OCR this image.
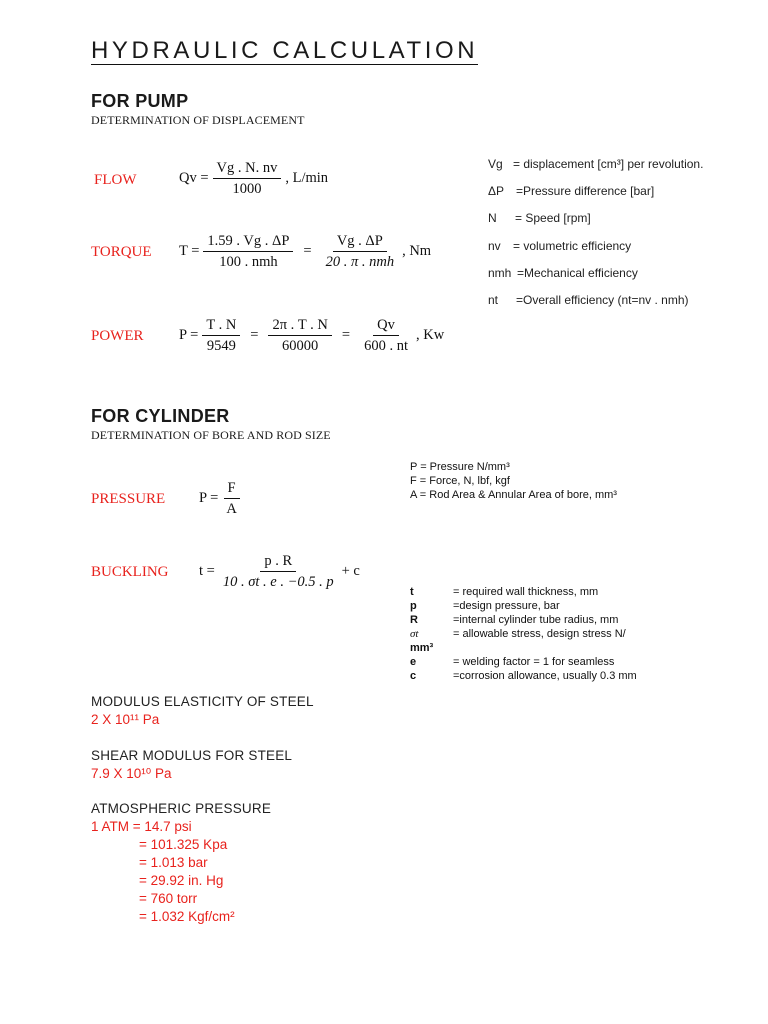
HYDRAULIC CALCULATION
FOR PUMP
DETERMINATION OF DISPLACEMENT
FLOW	$Qv = \frac{Vg . N. nv}{1000}$ , L/min
TORQUE $T = \frac{1.59 . Vg . \Delta P}{\text{100 . nmh}} = \frac{Vg . \Delta P}{\text{20 . π . nmh}}$ , Nm
POWER $P = \frac{T . N}{9549} = \frac{2\pi . T . N}{60000} = \frac{Qv}{600 . nt}$ , Kw
Vg = displacement [cm³] per revolution.
ΔP =Pressure difference [bar]
N = Speed [rpm]
nv = volumetric efficiency
nmh =Mechanical efficiency
nt =Overall efficiency (nt=nv . nmh)
FOR CYLINDER
DETERMINATION OF BORE AND ROD SIZE
PRESSURE $P = \frac{F}{A}$
P = Pressure N/mm³
F = Force, N, lbf, kgf
A = Rod Area & Annular Area of bore, mm³
BUCKLING $t = \frac{p . R}{10 . \sigma t . e . -0.5 . p} + c$
t	= required wall thickness, mm
p	=design pressure, bar
R	=internal cylinder tube radius, mm
σt	= allowable stress, design stress N/
mm³
e	= welding factor = 1 for seamless
c	=corrosion allowance, usually 0.3 mm
MODULUS ELASTICITY OF STEEL
2 X 10¹¹ Pa
SHEAR MODULUS FOR STEEL
7.9 X 10¹⁰ Pa
ATMOSPHERIC PRESSURE
1 ATM = 14.7 psi
= 101.325 Kpa
= 1.013 bar
= 29.92 in. Hg
= 760 torr
= 1.032 Kgf/cm²
